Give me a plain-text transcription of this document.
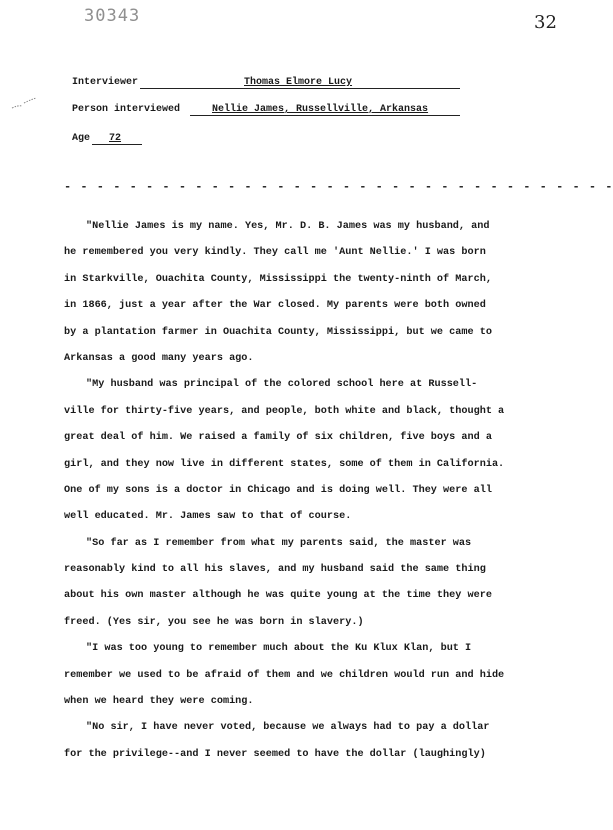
30343	32
Interviewer	Thomas Elmore Lucy
Person interviewed	Nellie James, Russellville, Arkansas
Age 72
- - - - - - - - - - - - - - - - - - - - - - - - - - - - - - - - - -
"Nellie James is my name. Yes, Mr. D. B. James was my husband, and
he remembered you very kindly. They call me 'Aunt Nellie.' I was born
in Starkville, Ouachita County, Mississippi the twenty-ninth of March,
in 1866, just a year after the War closed. My parents were both owned
by a plantation farmer in Ouachita County, Mississippi, but we came to
Arkansas a good many years ago.
"My husband was principal of the colored school here at Russell-
ville for thirty-five years, and people, both white and black, thought a
great deal of him. We raised a family of six children, five boys and a
girl, and they now live in different states, some of them in California.
One of my sons is a doctor in Chicago and is doing well. They were all
well educated. Mr. James saw to that of course.
"So far as I remember from what my parents said, the master was
reasonably kind to all his slaves, and my husband said the same thing
about his own master although he was quite young at the time they were
freed. (Yes sir, you see he was born in slavery.)
"I was too young to remember much about the Ku Klux Klan, but I
remember we used to be afraid of them and we children would run and hide
when we heard they were coming.
"No sir, I have never voted, because we always had to pay a dollar
for the privilege--and I never seemed to have the dollar (laughingly)
